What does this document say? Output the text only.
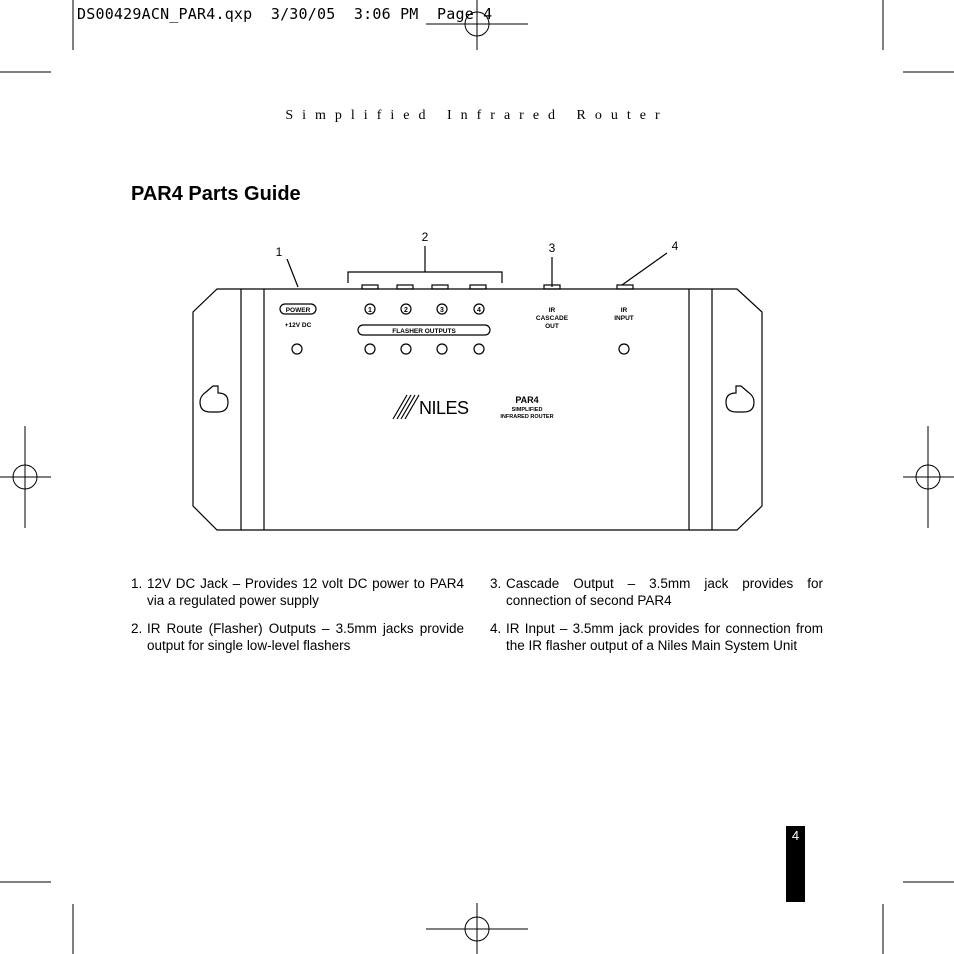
DS00429ACN_PAR4.qxp  3/30/05  3:06 PM  Page 4
Simplified Infrared Router
PAR4 Parts Guide
1
2
3	4
POWER
+12V DC
1	2	3	4
FLASHER OUTPUTS
IR
CASCADE
OUT
IR
INPUT
NILES	PAR4
SIMPLIFIED
INFRARED ROUTER
1. 12V DC Jack – Provides 12 volt DC power to PAR4 via a regulated power supply
2. IR Route (Flasher) Outputs – 3.5mm jacks provide output for single low-level flashers
3. Cascade Output – 3.5mm jack provides for connection of second PAR4
4. IR Input – 3.5mm jack provides for connection from the IR flasher output of a Niles Main System Unit
4
